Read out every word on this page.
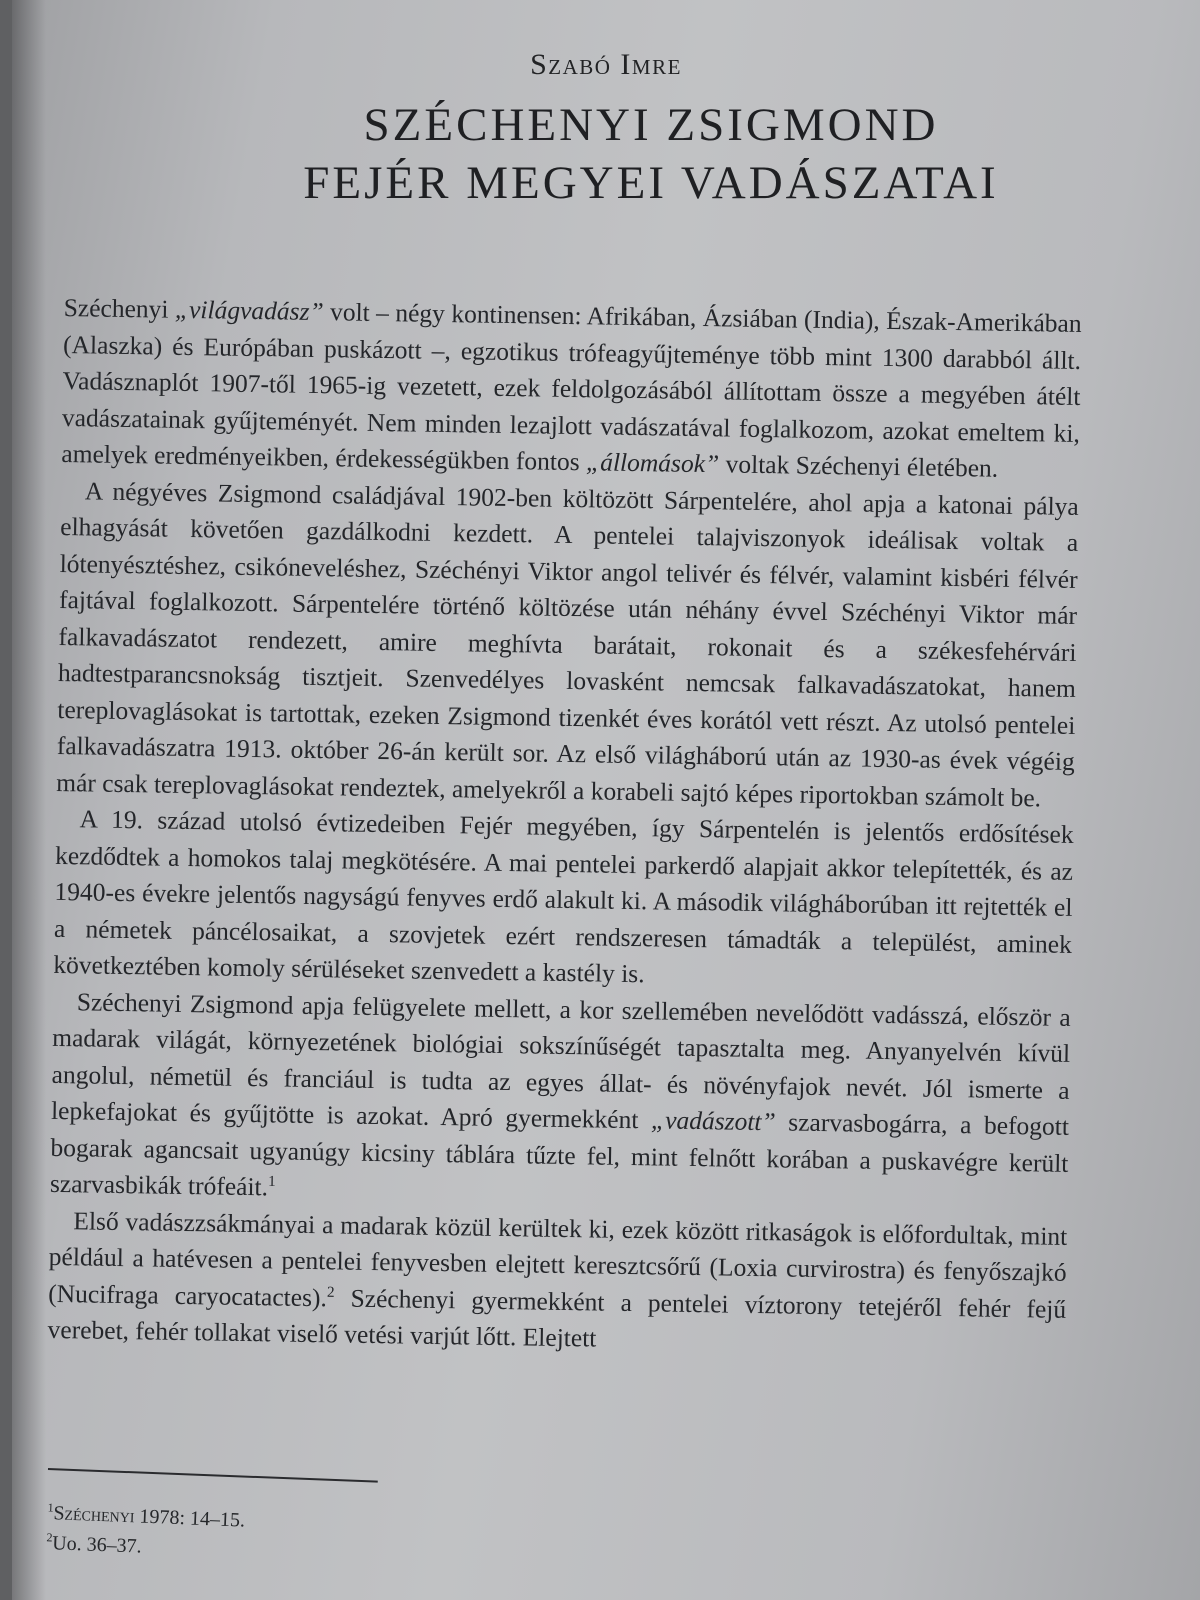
Szabó Imre
SZÉCHENYI ZSIGMOND
FEJÉR MEGYEI VADÁSZATAI

Széchenyi „világvadász” volt – négy kontinensen: Afrikában, Ázsiában (India), Észak-Amerikában (Alaszka) és Európában puskázott –, egzotikus trófeagyűjteménye több mint 1300 darabból állt. Vadásznaplót 1907-től 1965-ig vezetett, ezek feldolgozásából állítottam össze a megyében átélt vadászatainak gyűjteményét. Nem minden lezajlott vadászatával foglalkozom, azokat emeltem ki, amelyek eredményeikben, érdekességükben fontos „állomások” voltak Széchenyi életében.

A négyéves Zsigmond családjával 1902-ben költözött Sárpentelére, ahol apja a katonai pálya elhagyását követően gazdálkodni kezdett. A pentelei talajviszonyok ideálisak voltak a lótenyésztéshez, csikóneveléshez, Széchényi Viktor angol telivér és félvér, valamint kisbéri félvér fajtával foglalkozott. Sárpentelére történő költözése után néhány évvel Széchényi Viktor már falkavadászatot rendezett, amire meghívta barátait, rokonait és a székesfehérvári hadtestparancsnokság tisztjeit. Szenvedélyes lovasként nemcsak falkavadászatokat, hanem tereplovaglásokat is tartottak, ezeken Zsigmond tizenkét éves korától vett részt. Az utolsó pentelei falkavadászatra 1913. október 26-án került sor. Az első világháború után az 1930-as évek végéig már csak tereplovaglásokat rendeztek, amelyekről a korabeli sajtó képes riportokban számolt be.

A 19. század utolsó évtizedeiben Fejér megyében, így Sárpentelén is jelentős erdősítések kezdődtek a homokos talaj megkötésére. A mai pentelei parkerdő alapjait akkor telepítették, és az 1940-es évekre jelentős nagyságú fenyves erdő alakult ki. A második világháborúban itt rejtették el a németek páncélosaikat, a szovjetek ezért rendszeresen támadták a települést, aminek következtében komoly sérüléseket szenvedett a kastély is.

Széchenyi Zsigmond apja felügyelete mellett, a kor szellemében nevelődött vadásszá, először a madarak világát, környezetének biológiai sokszínűségét tapasztalta meg. Anyanyelvén kívül angolul, németül és franciául is tudta az egyes állat- és növényfajok nevét. Jól ismerte a lepkefajokat és gyűjtötte is azokat. Apró gyermekként „vadászott” szarvasbogárra, a befogott bogarak agancsait ugyanúgy kicsiny táblára tűzte fel, mint felnőtt korában a puskavégre került szarvasbikák trófeáit.$^1$

Első vadászzsákmányai a madarak közül kerültek ki, ezek között ritkaságok is előfordultak, mint például a hatévesen a pentelei fenyvesben elejtett keresztcsőrű (Loxia curvirostra) és fenyőszajkó (Nucifraga caryocatactes).$^2$ Széchenyi gyermekként a pentelei víztorony tetejéről fehér fejű verebet, fehér tollakat viselő vetési varjút lőtt. Elejtett

$^1$Széchenyi 1978: 14–15.
$^2$Uo. 36–37.
